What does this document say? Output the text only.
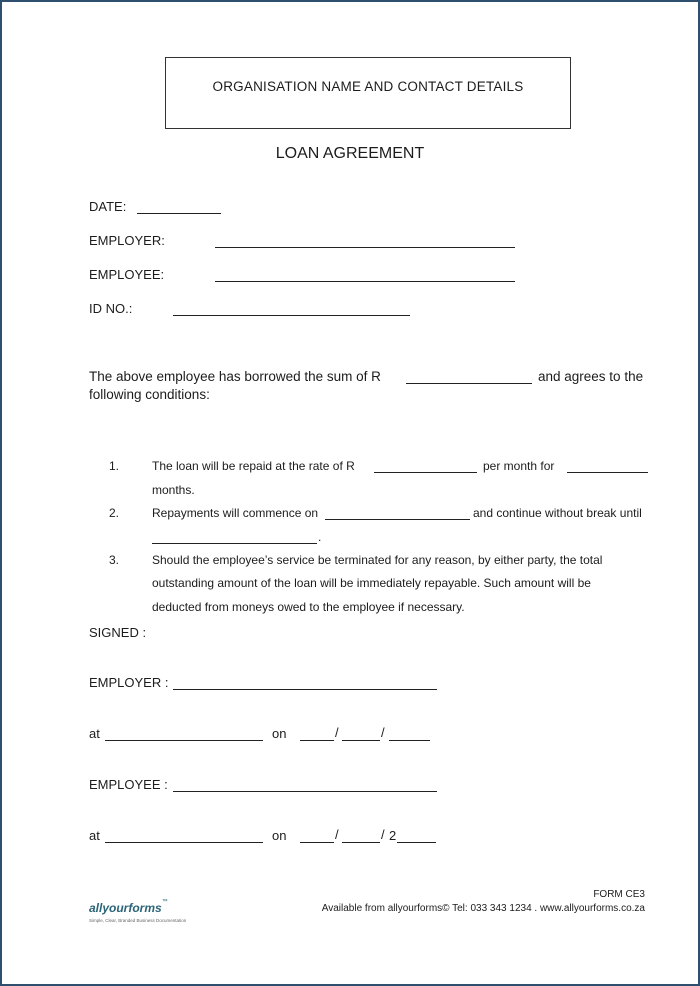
ORGANISATION NAME AND CONTACT DETAILS
LOAN AGREEMENT
DATE:
EMPLOYER:
EMPLOYEE:
ID NO.:
The above employee has borrowed the sum of R	and agrees to the
following conditions:
1.	The loan will be repaid at the rate of R	per month for
months.
2.	Repayments will commence on	and continue without break until
.
3.	Should the employee’s service be terminated for any reason, by either party, the total
outstanding amount of the loan will be immediately repayable. Such amount will be
deducted from moneys owed to the employee if necessary.
SIGNED :
EMPLOYER :
at	on	/	/
EMPLOYEE :
at	on	/	/ 2
allyourforms™
Simple, Clear, Branded Business Documentation
FORM CE3
Available from allyourforms© Tel: 033 343 1234 . www.allyourforms.co.za
